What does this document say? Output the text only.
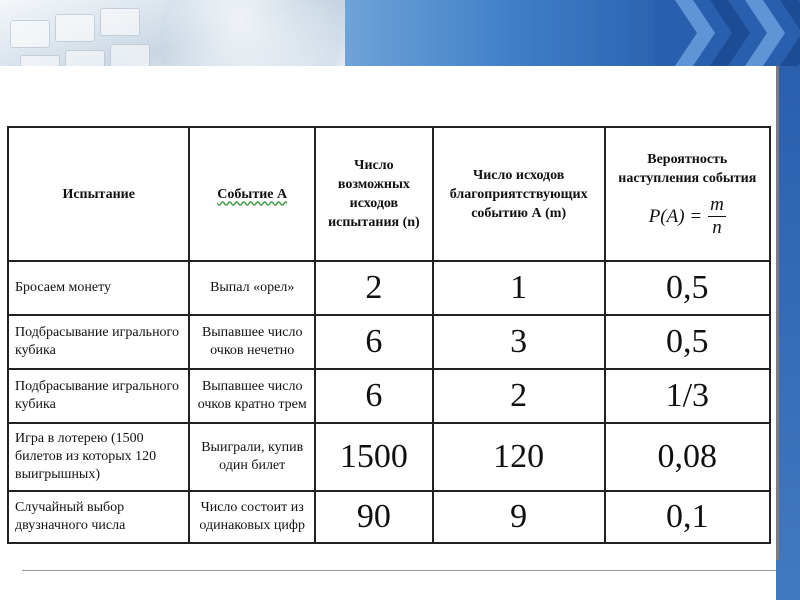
Испытание	Событие А	Число возможных исходов испытания (n)	Число исходов благоприятствующих событию А (m)	Вероятность наступления события
$P(A) = \frac{m}{n}$

Бросаем монету	Выпал «орел»	2	1	0,5
Подбрасывание игрального кубика	Выпавшее число очков нечетно	6	3	0,5
Подбрасывание игрального кубика	Выпавшее число очков кратно трем	6	2	1/3
Игра в лотерею (1500 билетов из которых 120 выигрышных)	Выиграли, купив один билет	1500	120	0,08
Случайный выбор двузначного числа	Число состоит из одинаковых цифр	90	9	0,1
